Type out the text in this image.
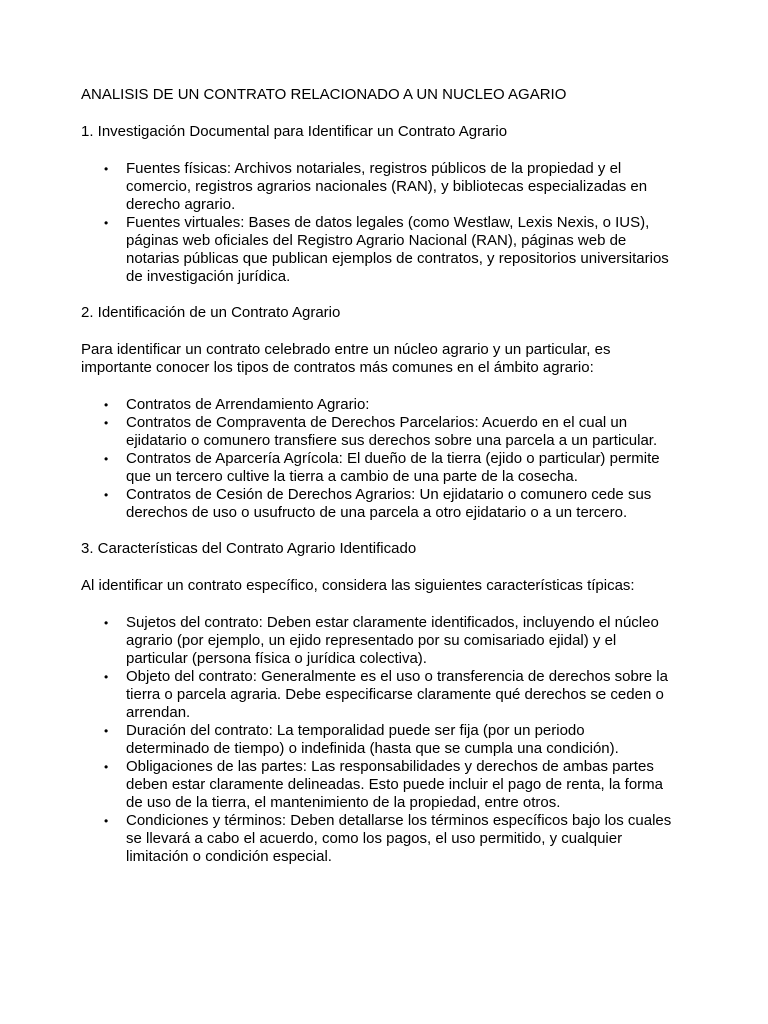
ANALISIS DE UN CONTRATO RELACIONADO A UN NUCLEO AGARIO

1. Investigación Documental para Identificar un Contrato Agrario

• Fuentes físicas: Archivos notariales, registros públicos de la propiedad y el comercio, registros agrarios nacionales (RAN), y bibliotecas especializadas en derecho agrario.
• Fuentes virtuales: Bases de datos legales (como Westlaw, Lexis Nexis, o IUS), páginas web oficiales del Registro Agrario Nacional (RAN), páginas web de notarias públicas que publican ejemplos de contratos, y repositorios universitarios de investigación jurídica.

2. Identificación de un Contrato Agrario

Para identificar un contrato celebrado entre un núcleo agrario y un particular, es importante conocer los tipos de contratos más comunes en el ámbito agrario:

• Contratos de Arrendamiento Agrario:
• Contratos de Compraventa de Derechos Parcelarios: Acuerdo en el cual un ejidatario o comunero transfiere sus derechos sobre una parcela a un particular.
• Contratos de Aparcería Agrícola: El dueño de la tierra (ejido o particular) permite que un tercero cultive la tierra a cambio de una parte de la cosecha.
• Contratos de Cesión de Derechos Agrarios: Un ejidatario o comunero cede sus derechos de uso o usufructo de una parcela a otro ejidatario o a un tercero.

3. Características del Contrato Agrario Identificado

Al identificar un contrato específico, considera las siguientes características típicas:

• Sujetos del contrato: Deben estar claramente identificados, incluyendo el núcleo agrario (por ejemplo, un ejido representado por su comisariado ejidal) y el particular (persona física o jurídica colectiva).
• Objeto del contrato: Generalmente es el uso o transferencia de derechos sobre la tierra o parcela agraria. Debe especificarse claramente qué derechos se ceden o arrendan.
• Duración del contrato: La temporalidad puede ser fija (por un periodo determinado de tiempo) o indefinida (hasta que se cumpla una condición).
• Obligaciones de las partes: Las responsabilidades y derechos de ambas partes deben estar claramente delineadas. Esto puede incluir el pago de renta, la forma de uso de la tierra, el mantenimiento de la propiedad, entre otros.
• Condiciones y términos: Deben detallarse los términos específicos bajo los cuales se llevará a cabo el acuerdo, como los pagos, el uso permitido, y cualquier limitación o condición especial.
